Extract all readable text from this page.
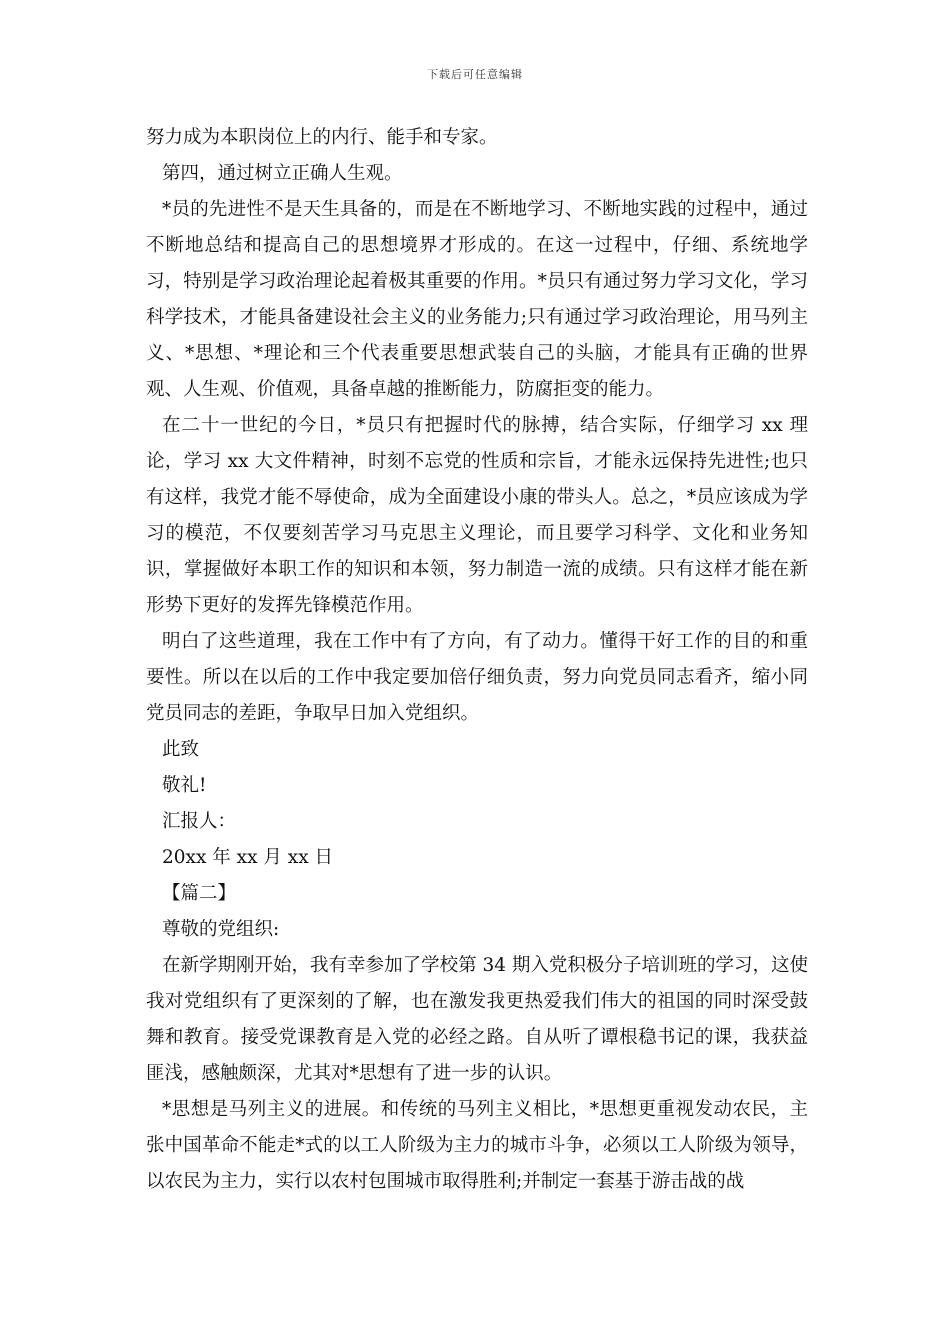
下载后可任意编辑

努力成为本职岗位上的内行、能手和专家。

第四，通过树立正确人生观。

*员的先进性不是天生具备的，而是在不断地学习、不断地实践的过程中，通过不断地总结和提高自己的思想境界才形成的。在这一过程中，仔细、系统地学习，特别是学习政治理论起着极其重要的作用。*员只有通过努力学习文化，学习科学技术，才能具备建设社会主义的业务能力;只有通过学习政治理论，用马列主义、*思想、*理论和三个代表重要思想武装自己的头脑，才能具有正确的世界观、人生观、价值观，具备卓越的推断能力，防腐拒变的能力。

在二十一世纪的今日，*员只有把握时代的脉搏，结合实际，仔细学习 xx 理论，学习 xx 大文件精神，时刻不忘党的性质和宗旨，才能永远保持先进性;也只有这样，我党才能不辱使命，成为全面建设小康的带头人。总之，*员应该成为学习的模范，不仅要刻苦学习马克思主义理论，而且要学习科学、文化和业务知识，掌握做好本职工作的知识和本领，努力制造一流的成绩。只有这样才能在新形势下更好的发挥先锋模范作用。

明白了这些道理，我在工作中有了方向，有了动力。懂得干好工作的目的和重要性。所以在以后的工作中我定要加倍仔细负责，努力向党员同志看齐，缩小同党员同志的差距，争取早日加入党组织。

此致

敬礼!

汇报人：

20xx 年 xx 月 xx 日

【篇二】

尊敬的党组织:

在新学期刚开始，我有幸参加了学校第 34 期入党积极分子培训班的学习，这使我对党组织有了更深刻的了解，也在激发我更热爱我们伟大的祖国的同时深受鼓舞和教育。接受党课教育是入党的必经之路。自从听了谭根稳书记的课，我获益匪浅，感触颇深，尤其对*思想有了进一步的认识。

*思想是马列主义的进展。和传统的马列主义相比，*思想更重视发动农民，主张中国革命不能走*式的以工人阶级为主力的城市斗争，必须以工人阶级为领导，以农民为主力，实行以农村包围城市取得胜利;并制定一套基于游击战的战
